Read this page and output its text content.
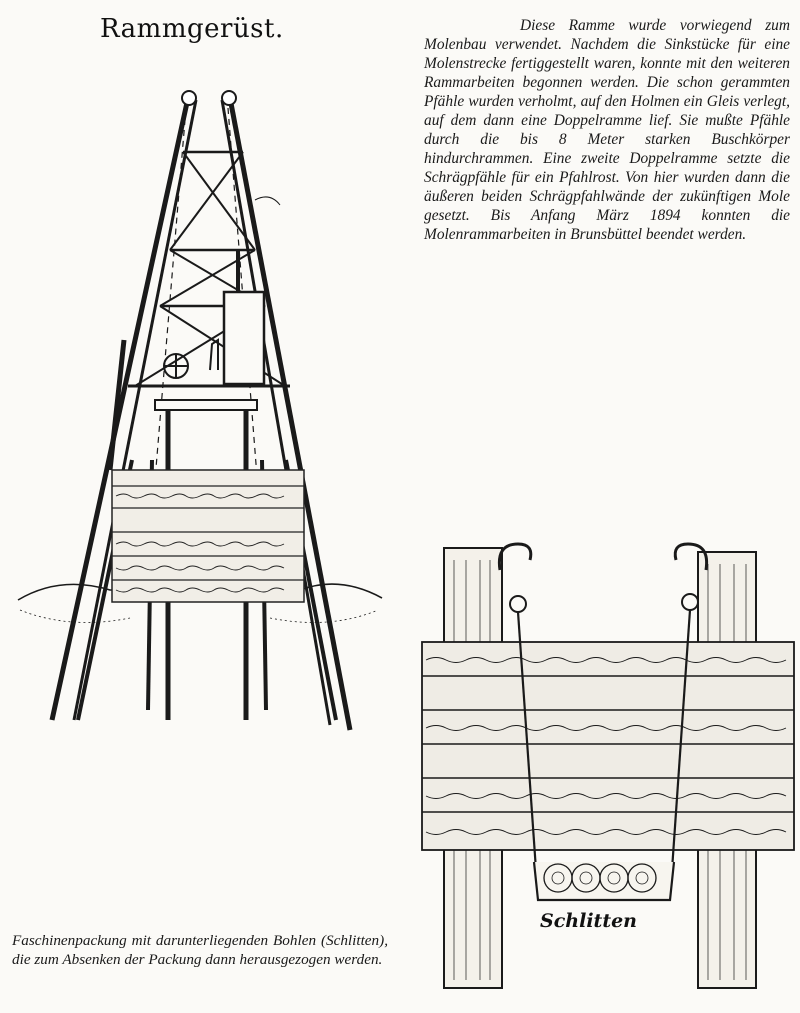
Rammgerüst.	Diese Ramme wurde vorwiegend zum Molenbau verwendet. Nachdem die Sinkstücke für eine Molenstrecke fertiggestellt waren, konnte mit den weiteren Rammarbeiten begonnen werden. Die schon gerammten Pfähle wurden verholmt, auf den Holmen ein Gleis verlegt, auf dem dann eine Doppelramme lief. Sie mußte Pfähle durch die bis 8 Meter starken Buschkörper hindurchrammen. Eine zweite Doppelramme setzte die Schrägpfähle für ein Pfahlrost. Von hier wurden dann die äußeren beiden Schrägpfahlwände der zukünftigen Mole gesetzt. Bis Anfang März 1894 konnten die Molenrammarbeiten in Brunsbüttel beendet werden.

Schlitten

Faschinenpackung mit darunterliegenden Bohlen (Schlitten), die zum Absenken der Packung dann herausgezogen werden.
